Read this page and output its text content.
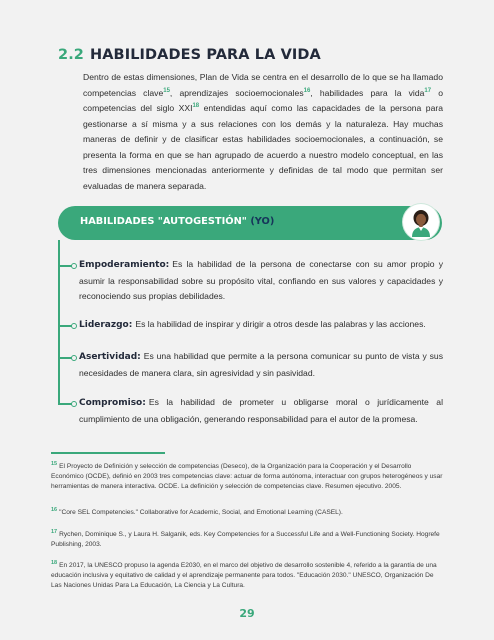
2.2 HABILIDADES PARA LA VIDA

Dentro de estas dimensiones, Plan de Vida se centra en el desarrollo de lo que se ha llamado competencias clave$^{15}$, aprendizajes socioemocionales$^{16}$, habilidades para la vida$^{17}$ o competencias del siglo XXI$^{18}$ entendidas aquí como las capacidades de la persona para gestionarse a sí misma y a sus relaciones con los demás y la naturaleza. Hay muchas maneras de definir y de clasificar estas habilidades socioemocionales, a continuación, se presenta la forma en que se han agrupado de acuerdo a nuestro modelo conceptual, en las tres dimensiones mencionadas anteriormente y definidas de tal modo que permitan ser evaluadas de manera separada.

HABILIDADES "AUTOGESTIÓN" (YO)
Empoderamiento: Es la habilidad de la persona de conectarse con su amor propio y asumir la responsabilidad sobre su propósito vital, confiando en sus valores y capacidades y reconociendo sus propias debilidades.
Liderazgo: Es la habilidad de inspirar y dirigir a otros desde las palabras y las acciones.
Asertividad: Es una habilidad que permite a la persona comunicar su punto de vista y sus necesidades de manera clara, sin agresividad y sin pasividad.
Compromiso: Es la habilidad de prometer u obligarse moral o jurídicamente al cumplimiento de una obligación, generando responsabilidad para el autor de la promesa.
$^{15}$ El Proyecto de Definición y selección de competencias (Deseco), de la Organización para la Cooperación y el Desarrollo Económico (OCDE), definió en 2003 tres competencias clave: actuar de forma autónoma, interactuar con grupos heterogéneos y usar herramientas de manera interactiva. OCDE. La definición y selección de competencias clave. Resumen ejecutivo. 2005.
$^{16}$ "Core SEL Competencies." Collaborative for Academic, Social, and Emotional Learning (CASEL).
$^{17}$ Rychen, Dominique S., y Laura H. Salganik, eds. Key Competencies for a Successful Life and a Well-Functioning Society. Hogrefe Publishing, 2003.
$^{18}$ En 2017, la UNESCO propuso la agenda E2030, en el marco del objetivo de desarrollo sostenible 4, referido a la garantía de una educación inclusiva y equitativo de calidad y el aprendizaje permanente para todos. "Educación 2030." UNESCO, Organización De Las Naciones Unidas Para La Educación, La Ciencia y La Cultura.
29
